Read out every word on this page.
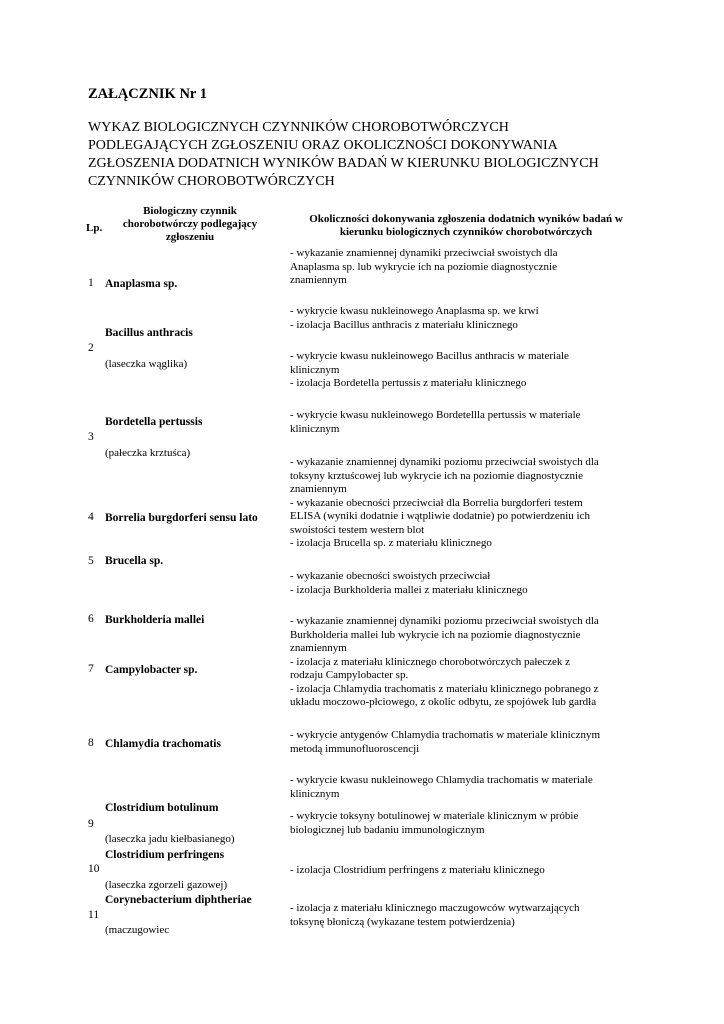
ZAŁĄCZNIK Nr 1
WYKAZ BIOLOGICZNYCH CZYNNIKÓW CHOROBOTWÓRCZYCH
PODLEGAJĄCYCH ZGŁOSZENIU ORAZ OKOLICZNOŚCI DOKONYWANIA
ZGŁOSZENIA DODATNICH WYNIKÓW BADAŃ W KIERUNKU BIOLOGICZNYCH
CZYNNIKÓW CHOROBOTWÓRCZYCH
Lp.
Biologiczny czynnik
chorobotwórczy podlegający
zgłoszeniu
Okoliczności dokonywania zgłoszenia dodatnich wyników badań w
kierunku biologicznych czynników chorobotwórczych
1
2
3
4
5
6
7
8
9
10
11
Anaplasma sp.
Bacillus anthracis
(laseczka wąglika)
Bordetella pertussis
(pałeczka krztuśca)
Borrelia burgdorferi sensu lato
Brucella sp.
Burkholderia mallei
Campylobacter sp.
Chlamydia trachomatis
Clostridium botulinum
(laseczka jadu kiełbasianego)
Clostridium perfringens
(laseczka zgorzeli gazowej)
Corynebacterium diphtheriae
(maczugowiec
- wykazanie znamiennej dynamiki przeciwciał swoistych dla
Anaplasma sp. lub wykrycie ich na poziomie diagnostycznie
znamiennym
- wykrycie kwasu nukleinowego Anaplasma sp. we krwi
- izolacja Bacillus anthracis z materiału klinicznego
- wykrycie kwasu nukleinowego Bacillus anthracis w materiale
klinicznym
- izolacja Bordetella pertussis z materiału klinicznego
- wykrycie kwasu nukleinowego Bordetellla pertussis w materiale
klinicznym
- wykazanie znamiennej dynamiki poziomu przeciwciał swoistych dla
toksyny krztuścowej lub wykrycie ich na poziomie diagnostycznie
znamiennym
- wykazanie obecności przeciwciał dla Borrelia burgdorferi testem
ELISA (wyniki dodatnie i wątpliwie dodatnie) po potwierdzeniu ich
swoistości testem western blot
- izolacja Brucella sp. z materiału klinicznego
- wykazanie obecności swoistych przeciwciał
- izolacja Burkholderia mallei z materiału klinicznego
- wykazanie znamiennej dynamiki poziomu przeciwciał swoistych dla
Burkholderia mallei lub wykrycie ich na poziomie diagnostycznie
znamiennym
- izolacja z materiału klinicznego chorobotwórczych pałeczek z
rodzaju Campylobacter sp.
- izolacja Chlamydia trachomatis z materiału klinicznego pobranego z
układu moczowo-płciowego, z okolic odbytu, ze spojówek lub gardła
- wykrycie antygenów Chlamydia trachomatis w materiale klinicznym
metodą immunofluoroscencji
- wykrycie kwasu nukleinowego Chlamydia trachomatis w materiale
klinicznym
- wykrycie toksyny botulinowej w materiale klinicznym w próbie
biologicznej lub badaniu immunologicznym
- izolacja Clostridium perfringens z materiału klinicznego
- izolacja z materiału klinicznego maczugowców wytwarzających
toksynę błoniczą (wykazane testem potwierdzenia)
